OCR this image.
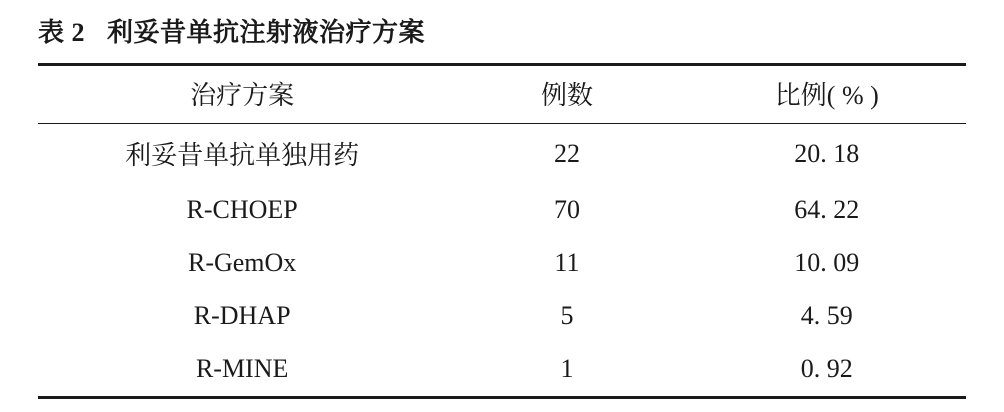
表 2 利妥昔单抗注射液治疗方案
治疗方案	例数	比例( % )
利妥昔单抗单独用药	22	20. 18
R-CHOEP	70	64. 22
R-GemOx	11	10. 09
R-DHAP	5	4. 59
R-MINE	1	0. 92
